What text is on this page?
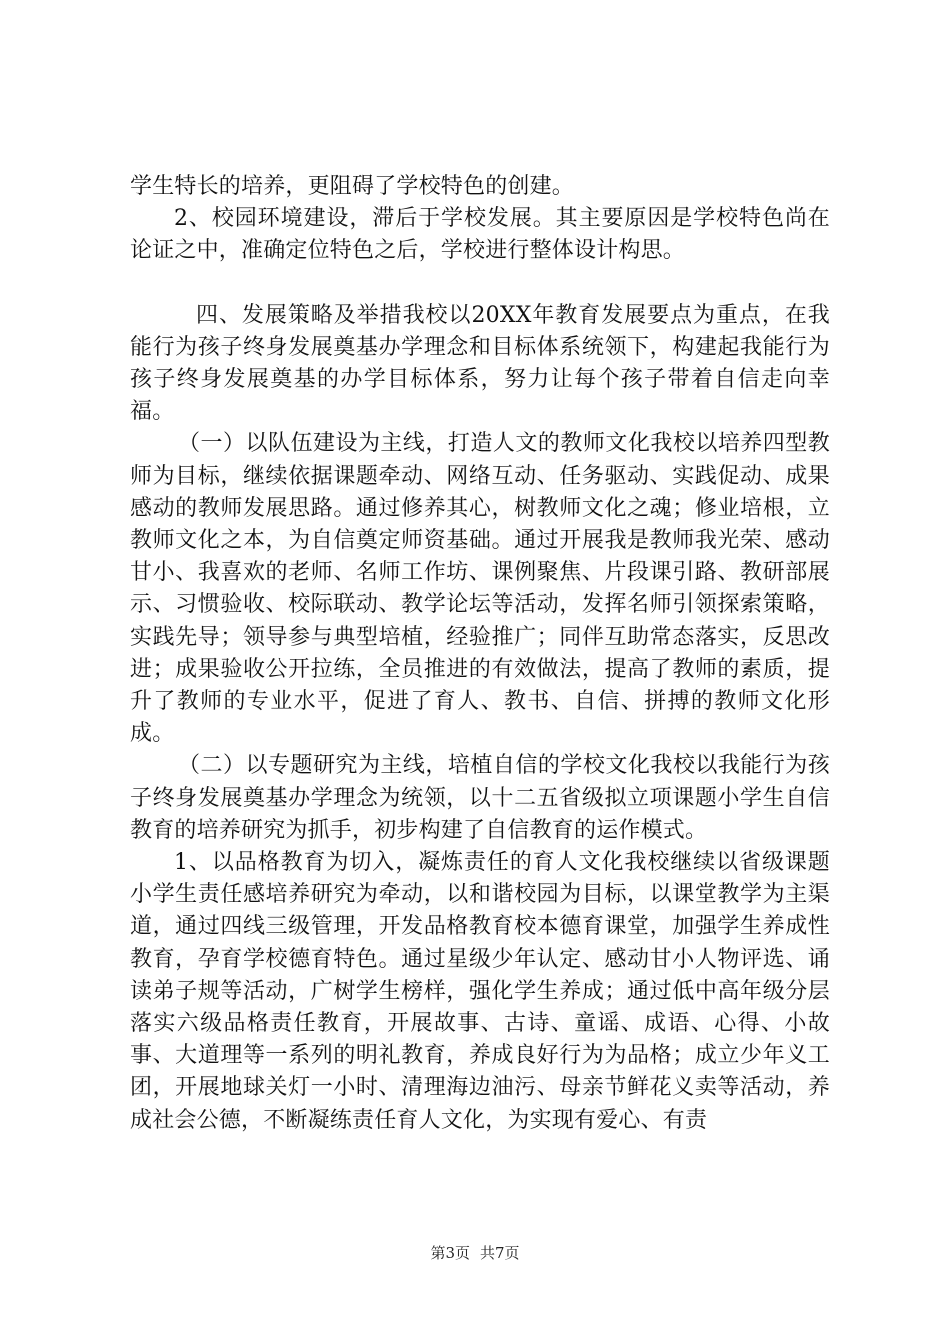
学生特长的培养，更阻碍了学校特色的创建。

2、校园环境建设，滞后于学校发展。其主要原因是学校特色尚在论证之中，准确定位特色之后，学校进行整体设计构思。

四、发展策略及举措我校以20XX年教育发展要点为重点，在我能行为孩子终身发展奠基办学理念和目标体系统领下，构建起我能行为孩子终身发展奠基的办学目标体系，努力让每个孩子带着自信走向幸福。

（一）以队伍建设为主线，打造人文的教师文化我校以培养四型教师为目标，继续依据课题牵动、网络互动、任务驱动、实践促动、成果感动的教师发展思路。通过修养其心，树教师文化之魂；修业培根，立教师文化之本，为自信奠定师资基础。通过开展我是教师我光荣、感动甘小、我喜欢的老师、名师工作坊、课例聚焦、片段课引路、教研部展示、习惯验收、校际联动、教学论坛等活动，发挥名师引领探索策略，实践先导；领导参与典型培植，经验推广；同伴互助常态落实，反思改进；成果验收公开拉练，全员推进的有效做法，提高了教师的素质，提升了教师的专业水平，促进了育人、教书、自信、拼搏的教师文化形成。

（二）以专题研究为主线，培植自信的学校文化我校以我能行为孩子终身发展奠基办学理念为统领，以十二五省级拟立项课题小学生自信教育的培养研究为抓手，初步构建了自信教育的运作模式。

1、以品格教育为切入，凝炼责任的育人文化我校继续以省级课题小学生责任感培养研究为牵动，以和谐校园为目标，以课堂教学为主渠道，通过四线三级管理，开发品格教育校本德育课堂，加强学生养成性教育，孕育学校德育特色。通过星级少年认定、感动甘小人物评选、诵读弟子规等活动，广树学生榜样，强化学生养成；通过低中高年级分层落实六级品格责任教育，开展故事、古诗、童谣、成语、心得、小故事、大道理等一系列的明礼教育，养成良好行为为品格；成立少年义工团，开展地球关灯一小时、清理海边油污、母亲节鲜花义卖等活动，养成社会公德，不断凝练责任育人文化，为实现有爱心、有责

第3页 共7页
